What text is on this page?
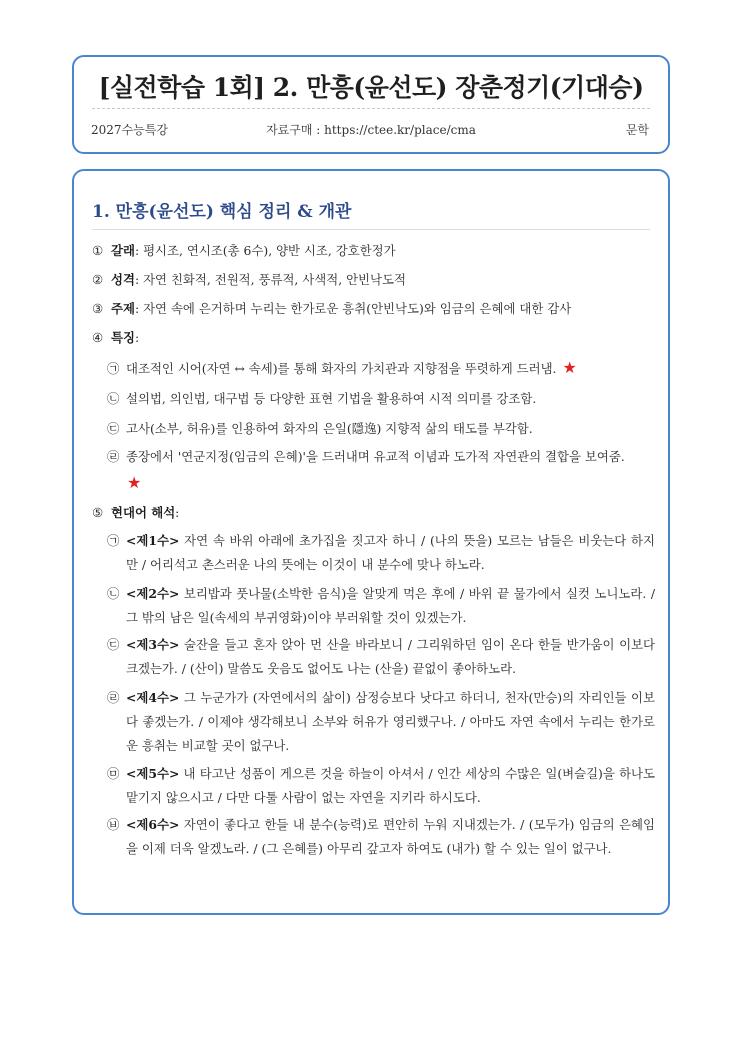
[실전학습 1회] 2. 만흥(윤선도) 장춘정기(기대승)
자료구매 : https://ctee.kr/place/cma
2027수능특강	문학
1. 만흥(윤선도) 핵심 정리 & 개관
① 갈래: 평시조, 연시조(총 6수), 양반 시조, 강호한정가
② 성격: 자연 친화적, 전원적, 풍류적, 사색적, 안빈낙도적
③ 주제: 자연 속에 은거하며 누리는 한가로운 흥취(안빈낙도)와 임금의 은혜에 대한 감사
④ 특징:
㉠ 대조적인 시어(자연 ↔ 속세)를 통해 화자의 가치관과 지향점을 뚜렷하게 드러냄. ★
㉡ 설의법, 의인법, 대구법 등 다양한 표현 기법을 활용하여 시적 의미를 강조함.
㉢ 고사(소부, 허유)를 인용하여 화자의 은일(隱逸) 지향적 삶의 태도를 부각함.
㉣ 종장에서 '연군지정(임금의 은혜)'을 드러내며 유교적 이념과 도가적 자연관의 결합을 보여줌.
★
⑤ 현대어 해석:
㉠ <제1수> 자연 속 바위 아래에 초가집을 짓고자 하니 / (나의 뜻을) 모르는 남들은 비웃는다 하지만 / 어리석고 촌스러운 나의 뜻에는 이것이 내 분수에 맞나 하노라.
㉡ <제2수> 보리밥과 풋나물(소박한 음식)을 알맞게 먹은 후에 / 바위 끝 물가에서 실컷 노니노라. / 그 밖의 남은 일(속세의 부귀영화)이야 부러워할 것이 있겠는가.
㉢ <제3수> 술잔을 들고 혼자 앉아 먼 산을 바라보니 / 그리워하던 임이 온다 한들 반가움이 이보다 크겠는가. / (산이) 말씀도 웃음도 없어도 나는 (산을) 끝없이 좋아하노라.
㉣ <제4수> 그 누군가가 (자연에서의 삶이) 삼정승보다 낫다고 하더니, 천자(만승)의 자리인들 이보다 좋겠는가. / 이제야 생각해보니 소부와 허유가 영리했구나. / 아마도 자연 속에서 누리는 한가로운 흥취는 비교할 곳이 없구나.
㉤ <제5수> 내 타고난 성품이 게으른 것을 하늘이 아셔서 / 인간 세상의 수많은 일(벼슬길)을 하나도 맡기지 않으시고 / 다만 다툴 사람이 없는 자연을 지키라 하시도다.
㉥ <제6수> 자연이 좋다고 한들 내 분수(능력)로 편안히 누워 지내겠는가. / (모두가) 임금의 은혜임을 이제 더욱 알겠노라. / (그 은혜를) 아무리 갚고자 하여도 (내가) 할 수 있는 일이 없구나.
